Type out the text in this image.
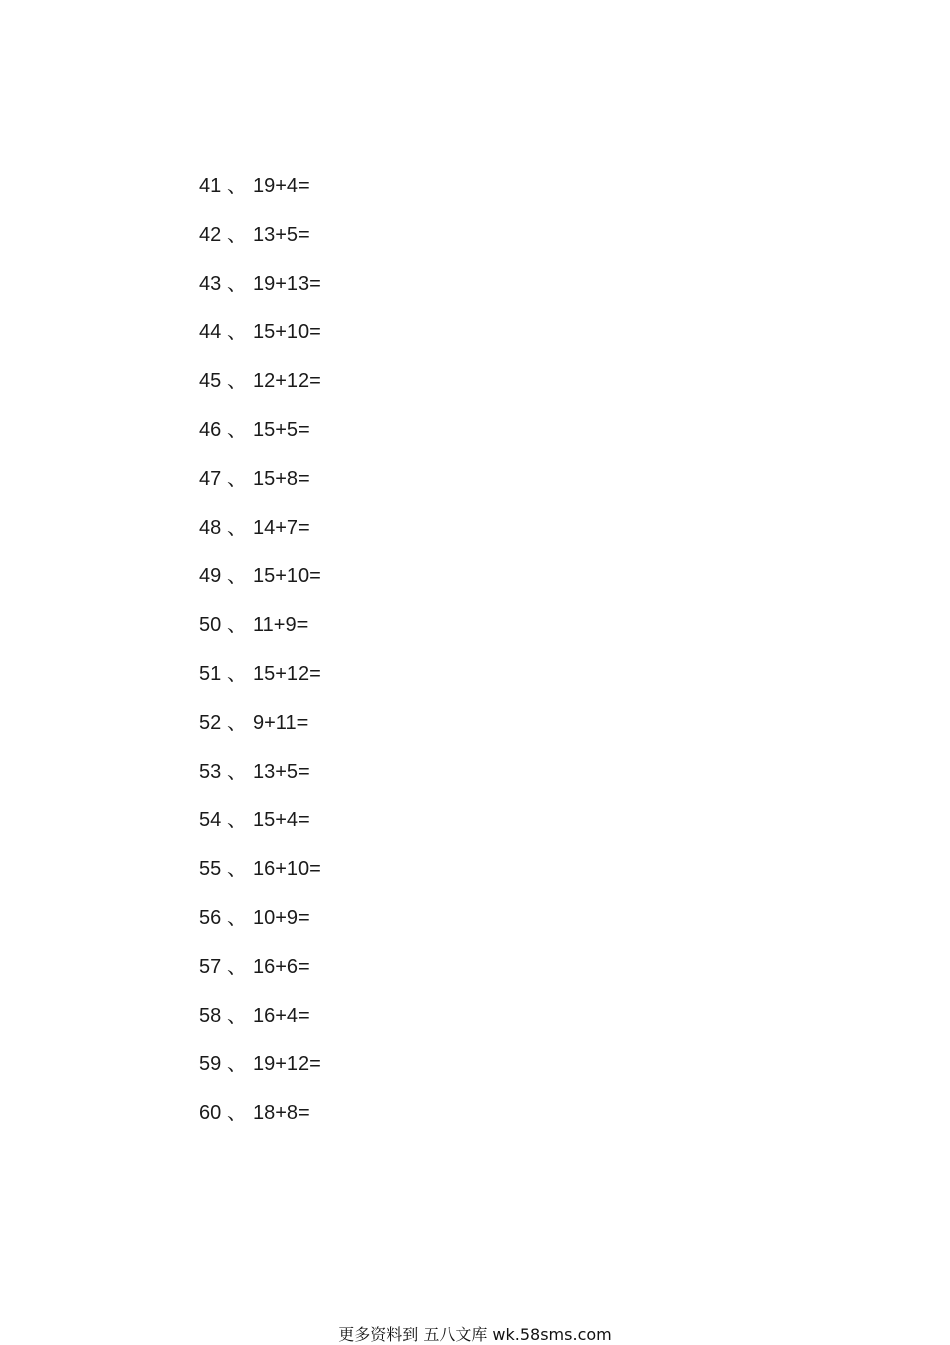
41 、 19+4=
42 、 13+5=
43 、 19+13=
44 、 15+10=
45 、 12+12=
46 、 15+5=
47 、 15+8=
48 、 14+7=
49 、 15+10=
50 、 11+9=
51 、 15+12=
52 、 9+11=
53 、 13+5=
54 、 15+4=
55 、 16+10=
56 、 10+9=
57 、 16+6=
58 、 16+4=
59 、 19+12=
60 、 18+8=
更多资料到 五八文库 wk.58sms.com
